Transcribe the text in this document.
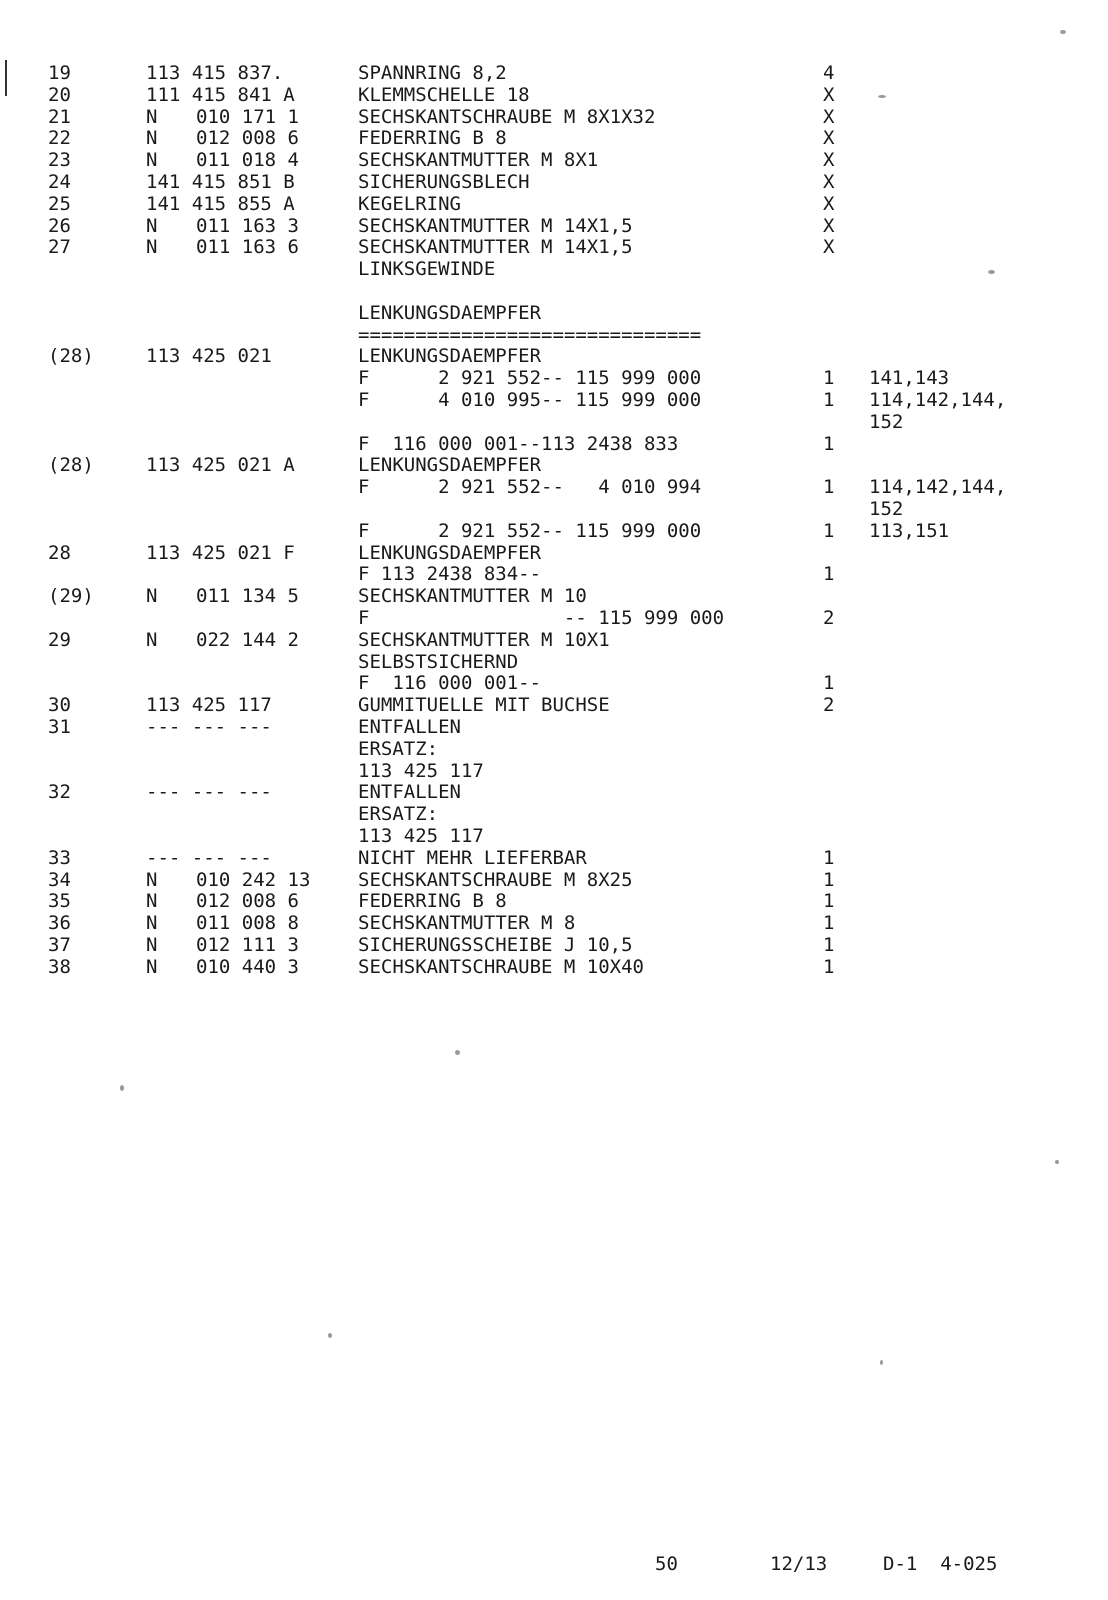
19	113 415 837.	SPANNRING 8,2	4
20	111 415 841 A	KLEMMSCHELLE 18	X
21	N 010 171 1	SECHSKANTSCHRAUBE M 8X1X32	X
22	N 012 008 6	FEDERRING B 8	X
23	N 011 018 4	SECHSKANTMUTTER M 8X1	X
24	141 415 851 B	SICHERUNGSBLECH	X
25	141 415 855 A	KEGELRING	X
26	N 011 163 3	SECHSKANTMUTTER M 14X1,5	X
27	N 011 163 6	SECHSKANTMUTTER M 14X1,5	X
LINKSGEWINDE
LENKUNGSDAEMPFER
==============================
(28)	113 425 021	LENKUNGSDAEMPFER
F      2 921 552-- 115 999 000	1 141,143
F      4 010 995-- 115 999 000	1 114,142,144,
152
F  116 000 001--113 2438 833	1
(28)	113 425 021 A	LENKUNGSDAEMPFER
F      2 921 552--   4 010 994	1 114,142,144,
152
F      2 921 552-- 115 999 000	1 113,151
28	113 425 021 F	LENKUNGSDAEMPFER
F 113 2438 834--	1
(29)	N 011 134 5	SECHSKANTMUTTER M 10
F                 -- 115 999 000	2
29	N 022 144 2	SECHSKANTMUTTER M 10X1
SELBSTSICHERND
F  116 000 001--	1
30	113 425 117	GUMMITUELLE MIT BUCHSE	2
31	--- --- ---	ENTFALLEN
ERSATZ:
113 425 117
32	--- --- ---	ENTFALLEN
ERSATZ:
113 425 117
33	--- --- ---	NICHT MEHR LIEFERBAR	1
34	N 010 242 13	SECHSKANTSCHRAUBE M 8X25	1
35	N 012 008 6	FEDERRING B 8	1
36	N 011 008 8	SECHSKANTMUTTER M 8	1
37	N 012 111 3	SICHERUNGSSCHEIBE J 10,5	1
38	N 010 440 3	SECHSKANTSCHRAUBE M 10X40	1
50	12/13	D-1  4-025
